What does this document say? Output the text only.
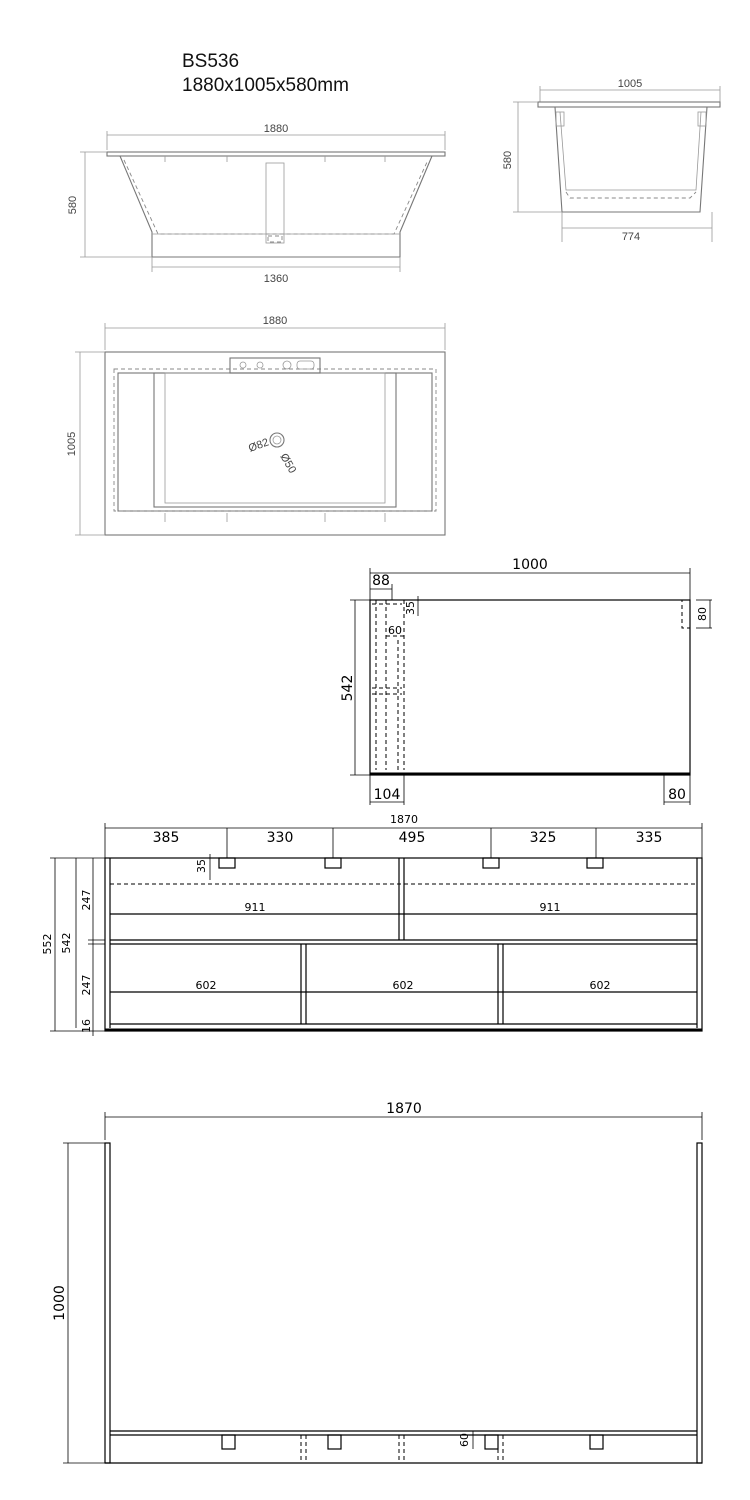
BS536
1880x1005x580mm
1880
580
1360
1005
580
774
1880
Ø82
Ø50
1005
1000
88
35
60
80
542
104	80
1870
385	330	495	325	335
35
911	911
602	602	602
552 542
247
247
16
1870
60
1000
